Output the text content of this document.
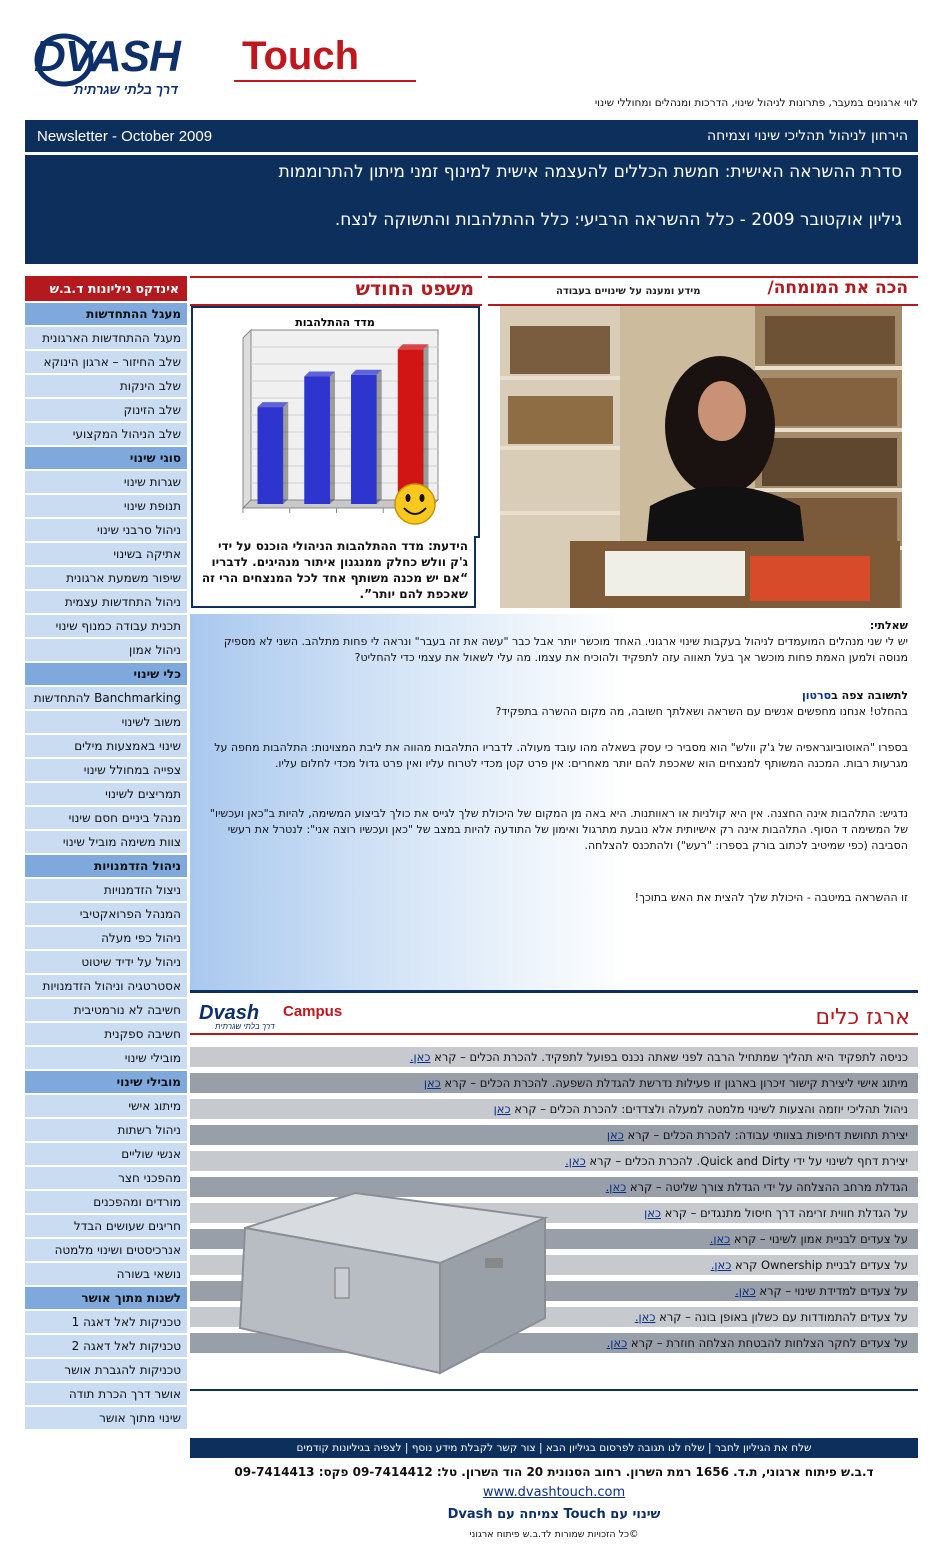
DVASH Touch
דרך בלתי שגרתית
לווי ארגונים במעבר, פתרונות לניהול שינוי, הדרכות ומנהלים ומחוללי שינוי
Newsletter - October 2009	הירחון לניהול תהליכי שינוי וצמיחה
סדרת ההשראה האישית: חמשת הכללים להעצמה אישית למינוף זמני מיתון להתרוממות
גיליון אוקטובר 2009 - כלל ההשראה הרביעי: כלל ההתלהבות והתשוקה לנצח.
אינדקס גיליונות ד.ב.ש
מעגל ההתחדשות
מעגל ההתחדשות הארגונית
שלב החיזור – ארגון הינוקא
שלב הינקות
שלב הזינוק
שלב הניהול המקצועי
סוגי שינוי
שגרות שינוי
תנופת שינוי
ניהול סרבני שינוי
אתיקה בשינוי
שיפור משמעת ארגונית
ניהול התחדשות עצמית
תכנית עבודה כמנוף שינוי
ניהול אמון
כלי שינוי
Banchmarking להתחדשות
משוב לשינוי
שינוי באמצעות מילים
צפייה במחולל שינוי
תמריצים לשינוי
מנהל ביניים חסם שינוי
צוות משימה מוביל שינוי
ניהול הזדמנויות
ניצול הזדמנויות
המנהל הפרואקטיבי
ניהול כפי מעלה
ניהול על ידיד שיטוט
אסטרטגיה וניהול הזדמנויות
חשיבה לא נורמטיבית
חשיבה ספקנית
מובילי שינוי
מובילי שינוי
מיתוג אישי
ניהול רשתות
אנשי שוליים
מהפכני חצר
מורדים ומהפכנים
חריגים שעושים הבדל
אנרכיסטים ושינוי מלמטה
נושאי בשורה
לשנות מתוך אושר
טכניקות לאל דאגה 1
טכניקות לאל דאגה 2
טכניקות להגברת אושר
אושר דרך הכרת תודה
שינוי מתוך אושר
משפט החודש	הכה את המומחה/
מידע ומענה על שינויים בעבודה
מדד ההתלהבות
הידעת: מדד ההתלהבות הניהולי הוכנס על ידי ג'ק וולש כחלק ממנגנון איתור מנהיגים. לדבריו “אם יש מכנה משותף אחד לכל המנצחים הרי זה שאכפת להם יותר”.

שאלתי:

יש לי שני מנהלים המועמדים לניהול בעקבות שינוי ארגוני. האחד מוכשר יותר אבל כבר "עשה את זה בעבר" ונראה לי פחות מתלהב. השני לא מספיק מנוסה ולמען האמת פחות מוכשר אך בעל תאווה עזה לתפקיד ולהוכיח את עצמו. מה עלי לשאול את עצמי כדי להחליט?

לתשובה צפה בסרטון

בהחלט! אנחנו מחפשים אנשים עם השראה ושאלתך חשובה, מה מקום ההשרה בתפקיד?

בספרו "האוטוביוגראפיה של ג'ק וולש" הוא מסביר כי עסק בשאלה מהו עובד מעולה. לדבריו התלהבות מהווה את ליבת המצוינות: התלהבות מחפה על מגרעות רבות. המכנה המשותף למנצחים הוא שאכפת להם יותר מאחרים: אין פרט קטן מכדי לטרוח עליו ואין פרט גדול מכדי לחלום עליו.

נדגיש: התלהבות אינה החצנה. אין היא קולניות או ראוותנות. היא באה מן המקום של היכולת שלך לגייס את כולך לביצוע המשימה, להיות ב"כאן ועכשיו" של המשימה ד הסוף. התלהבות אינה רק אישיותית אלא נובעת מתרגול ואימון של התודעה להיות במצב של "כאן ועכשיו רוצה אני": לנטרל את רעשי הסביבה (כפי שמיטיב לכתוב בורק בספרו: "רעש") ולהתכנס להצלחה.

זו ההשראה במיטבה - היכולת שלך להצית את האש בתוכך!

Dvash Campus
דרך בלתי שגרתית	ארגז כלים
כניסה לתפקיד היא תהליך שמתחיל הרבה לפני שאתה נכנס בפועל לתפקיד. להכרת הכלים – קרא כאן.
מיתוג אישי ליצירת קישור זיכרון בארגון זו פעילות נדרשת להגדלת השפעה. להכרת הכלים – קרא כאן
ניהול תהליכי יוזמה והצעות לשינוי מלמטה למעלה ולצדדים: להכרת הכלים – קרא כאן
יצירת תחושת דחיפות בצוותי עבודה: להכרת הכלים – קרא כאן
יצירת דחף לשינוי על ידי Quick and Dirty. להכרת הכלים – קרא כאן.
הגדלת מרחב ההצלחה על ידי הגדלת צורך שליטה – קרא כאן.
על הגדלת חווית זרימה דרך חיסול מתנגדים – קרא כאן
על צעדים לבניית אמון לשינוי – קרא כאן.
על צעדים לבניית Ownership קרא כאן.
על צעדים למדידת שינוי – קרא כאן.
על צעדים להתמודדות עם כשלון באופן בונה – קרא כאן.
על צעדים לחקר הצלחות להבטחת הצלחה חוזרת – קרא כאן.
שלח את הגיליון לחבר | שלח לנו תגובה לפרסום בגיליון הבא | צור קשר לקבלת מידע נוסף | לצפיה בגיליונות קודמים
ד.ב.ש פיתוח ארגוני, ת.ד. 1656 רמת השרון. רחוב הסנונית 20 הוד השרון. טל: 09-7414412 פקס: 09-7414413
www.dvashtouch.com
שינוי עם Touch צמיחה עם Dvash
©כל הזכויות שמורות לד.ב.ש פיתוח ארגוני
